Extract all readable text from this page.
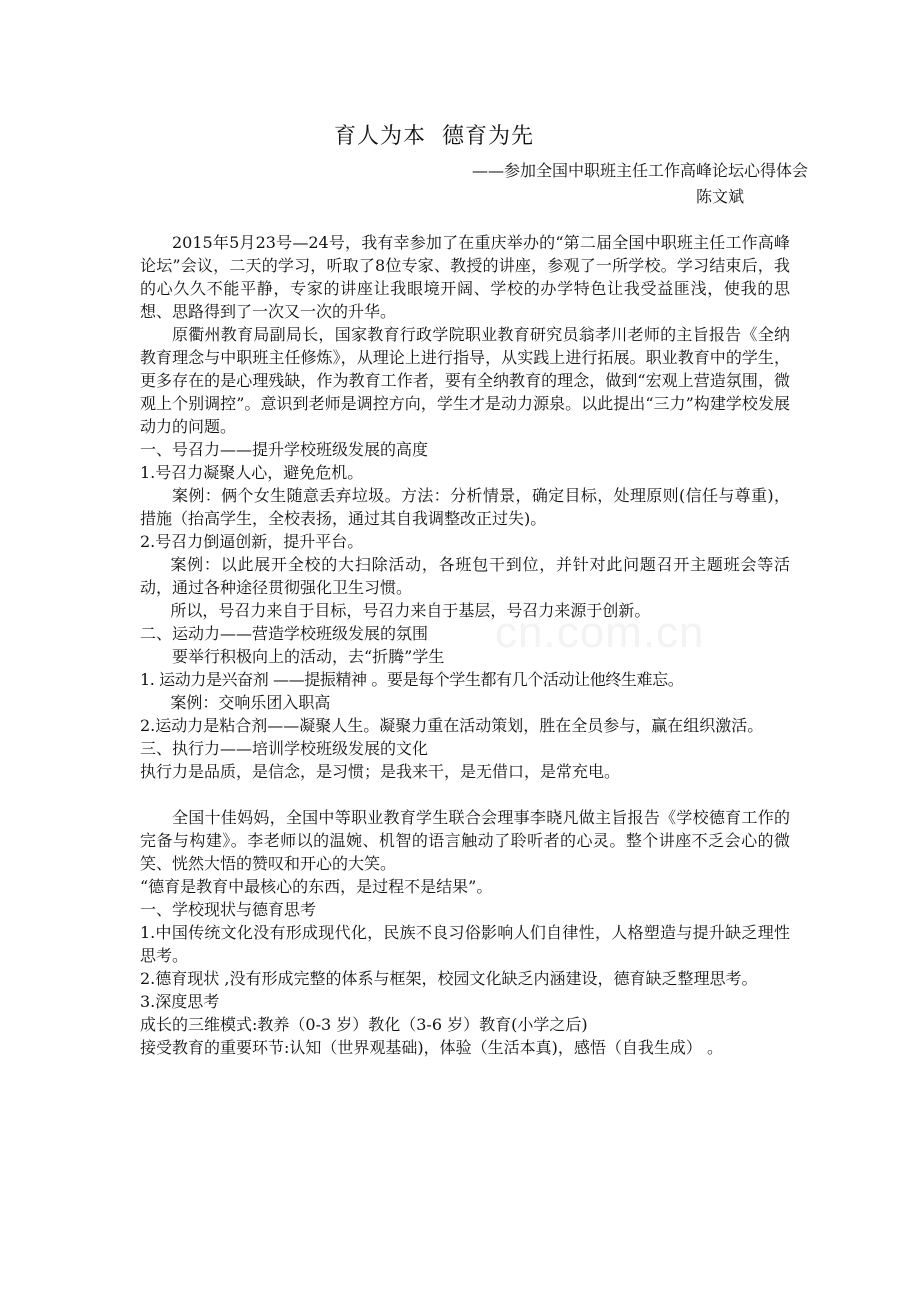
cn.com.cn
育人为本  德育为先
——参加全国中职班主任工作高峰论坛心得体会
陈文斌

2015年5月23号—24号，我有幸参加了在重庆举办的“第二届全国中职班主任工作高峰论坛”会议，二天的学习，听取了8位专家、教授的讲座，参观了一所学校。学习结束后，我的心久久不能平静，专家的讲座让我眼境开阔、学校的办学特色让我受益匪浅，使我的思想、思路得到了一次又一次的升华。

原衢州教育局副局长，国家教育行政学院职业教育研究员翁孝川老师的主旨报告《全纳教育理念与中职班主任修炼》，从理论上进行指导，从实践上进行拓展。职业教育中的学生，更多存在的是心理残缺，作为教育工作者，要有全纳教育的理念，做到“宏观上营造氛围，微观上个别调控”。意识到老师是调控方向，学生才是动力源泉。以此提出“三力”构建学校发展动力的问题。

一、号召力——提升学校班级发展的高度

1.号召力凝聚人心，避免危机。

案例：俩个女生随意丢弃垃圾。方法：分析情景，确定目标，处理原则(信任与尊重)，措施（抬高学生，全校表扬，通过其自我调整改正过失)。

2.号召力倒逼创新，提升平台。

案例：以此展开全校的大扫除活动，各班包干到位，并针对此问题召开主题班会等活动，通过各种途径贯彻强化卫生习惯。

所以，号召力来自于目标，号召力来自于基层，号召力来源于创新。

二、运动力——营造学校班级发展的氛围

要举行积极向上的活动，去“折腾”学生

1. 运动力是兴奋剂 ——提振精神 。要是每个学生都有几个活动让他终生难忘。

案例：交响乐团入职高

2.运动力是粘合剂——凝聚人生。凝聚力重在活动策划，胜在全员参与，赢在组织激活。

三、执行力——培训学校班级发展的文化

执行力是品质，是信念，是习惯；是我来干，是无借口，是常充电。

全国十佳妈妈，全国中等职业教育学生联合会理事李晓凡做主旨报告《学校德育工作的完备与构建》。李老师以的温婉、机智的语言触动了聆听者的心灵。整个讲座不乏会心的微笑、恍然大悟的赞叹和开心的大笑。

“德育是教育中最核心的东西，是过程不是结果”。

一、学校现状与德育思考

1.中国传统文化没有形成现代化，民族不良习俗影响人们自律性，人格塑造与提升缺乏理性思考。

2.德育现状 ,没有形成完整的体系与框架，校园文化缺乏内涵建设，德育缺乏整理思考。

3.深度思考

成长的三维模式:教养（0-3 岁）教化（3-6 岁）教育(小学之后)

接受教育的重要环节:认知（世界观基础)，体验（生活本真)，感悟（自我生成） 。
